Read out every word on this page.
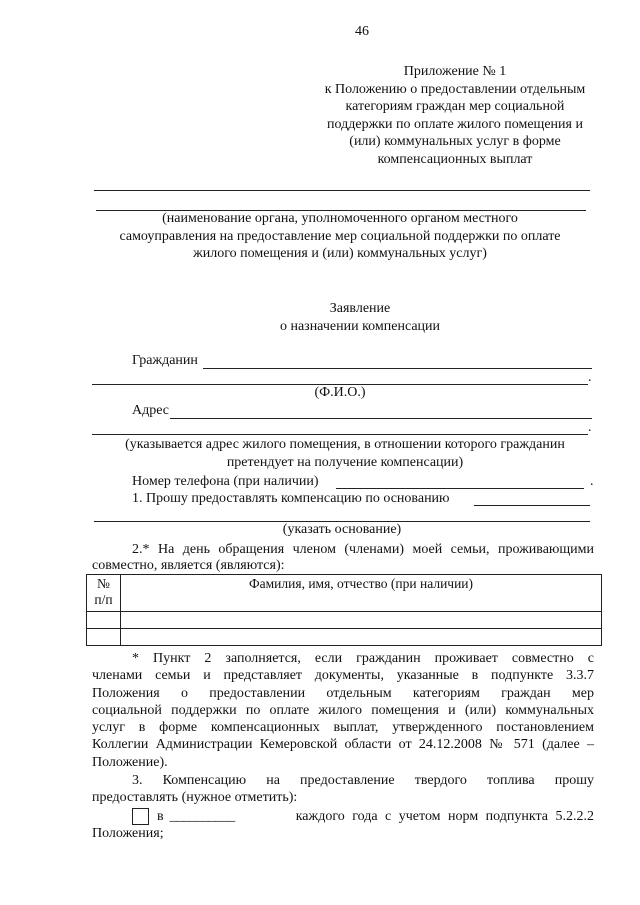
46
Приложение № 1
к Положению о предоставлении отдельным
категориям граждан мер социальной
поддержки по оплате жилого помещения и
(или) коммунальных услуг в форме
компенсационных выплат
(наименование органа, уполномоченного органом местного
самоуправления на предоставление мер социальной поддержки по оплате
жилого помещения и (или) коммунальных услуг)
Заявление
о назначении компенсации
Гражданин
.
(Ф.И.О.)
Адрес
.
(указывается адрес жилого помещения, в отношении которого гражданин
претендует на получение компенсации)
Номер телефона (при наличии)	.
1. Прошу предоставлять компенсацию по основанию
(указать основание)
2.* На день обращения членом (членами) моей семьи, проживающими
совместно, является (являются):
№
п/п	Фамилия, имя, отчество (при наличии)

* Пункт 2 заполняется, если гражданин проживает совместно с
членами семьи и представляет документы, указанные в подпункте 3.3.7
Положения о предоставлении отдельным категориям граждан мер
социальной поддержки по оплате жилого помещения и (или) коммунальных
услуг в форме компенсационных выплат, утвержденного постановлением
Коллегии Администрации Кемеровской области от 24.12.2008 № 571 (далее –
Положение).
3. Компенсацию на предоставление твердого топлива прошу
предоставлять (нужное отметить):
в __________	каждого года с учетом норм подпункта 5.2.2.2
Положения;
